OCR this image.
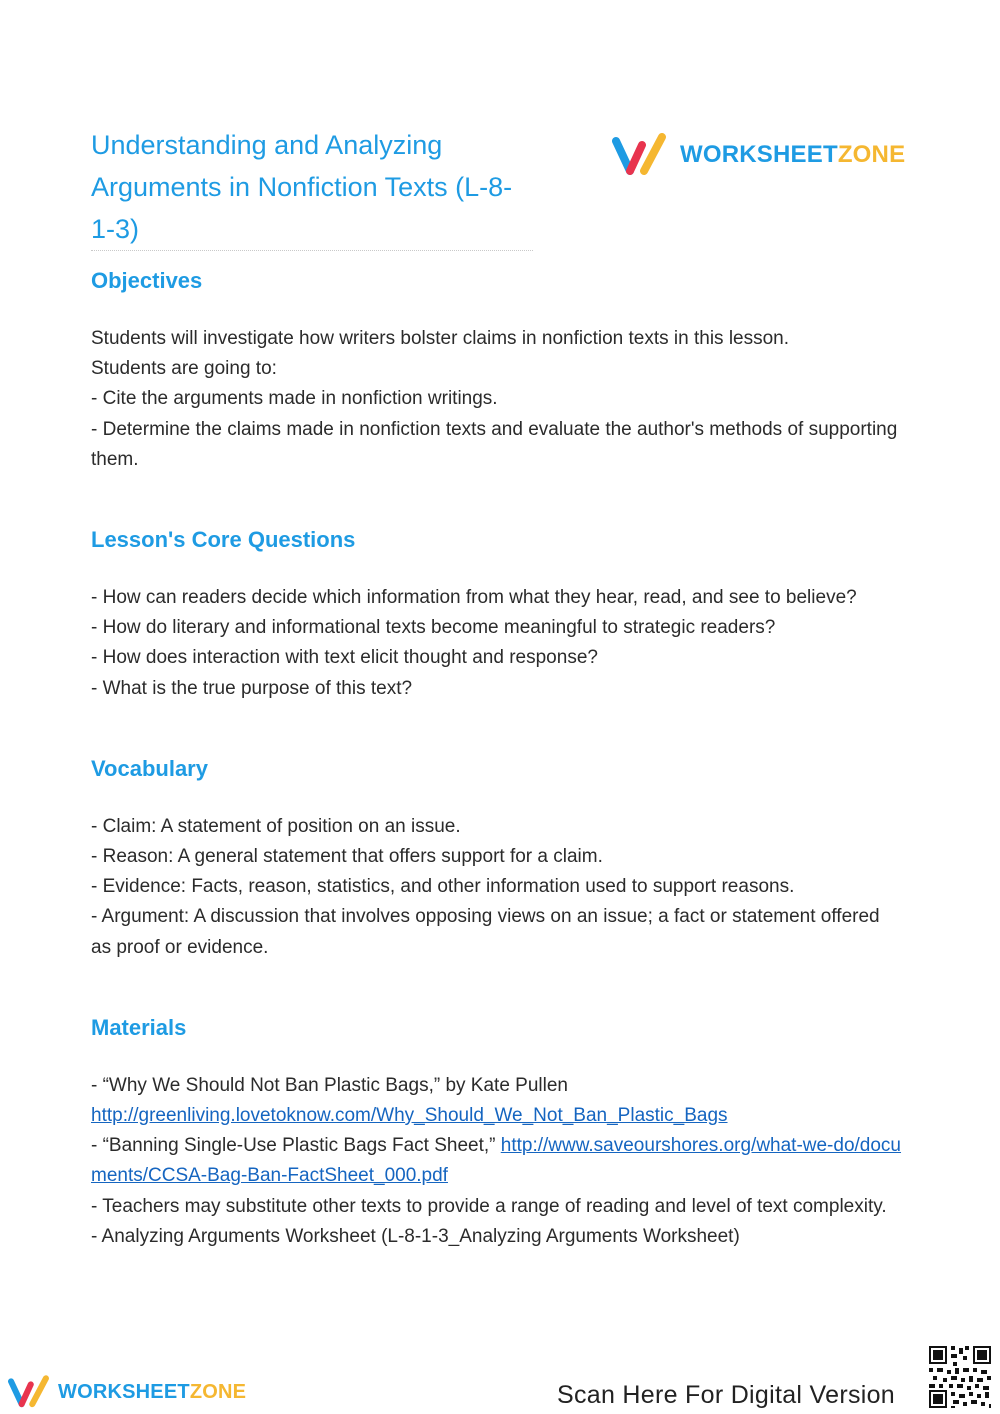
Understanding and Analyzing Arguments in Nonfiction Texts (L-8-1-3)
WORKSHEETZONE
Objectives

Students will investigate how writers bolster claims in nonfiction texts in this lesson.

Students are going to:

- Cite the arguments made in nonfiction writings.

- Determine the claims made in nonfiction texts and evaluate the author's methods of supporting them.

Lesson's Core Questions

- How can readers decide which information from what they hear, read, and see to believe?

- How do literary and informational texts become meaningful to strategic readers?

- How does interaction with text elicit thought and response?

- What is the true purpose of this text?

Vocabulary

- Claim: A statement of position on an issue.

- Reason: A general statement that offers support for a claim.

- Evidence: Facts, reason, statistics, and other information used to support reasons.

- Argument: A discussion that involves opposing views on an issue; a fact or statement offered as proof or evidence.

Materials

- “Why We Should Not Ban Plastic Bags,” by Kate Pullen
http://greenliving.lovetoknow.com/Why_Should_We_Not_Ban_Plastic_Bags

- “Banning Single-Use Plastic Bags Fact Sheet,” http://www.saveourshores.org/what-we-do/documents/CCSA-Bag-Ban-FactSheet_000.pdf

- Teachers may substitute other texts to provide a range of reading and level of text complexity.

- Analyzing Arguments Worksheet (L-8-1-3_Analyzing Arguments Worksheet)

WORKSHEETZONE	Scan Here For Digital Version
